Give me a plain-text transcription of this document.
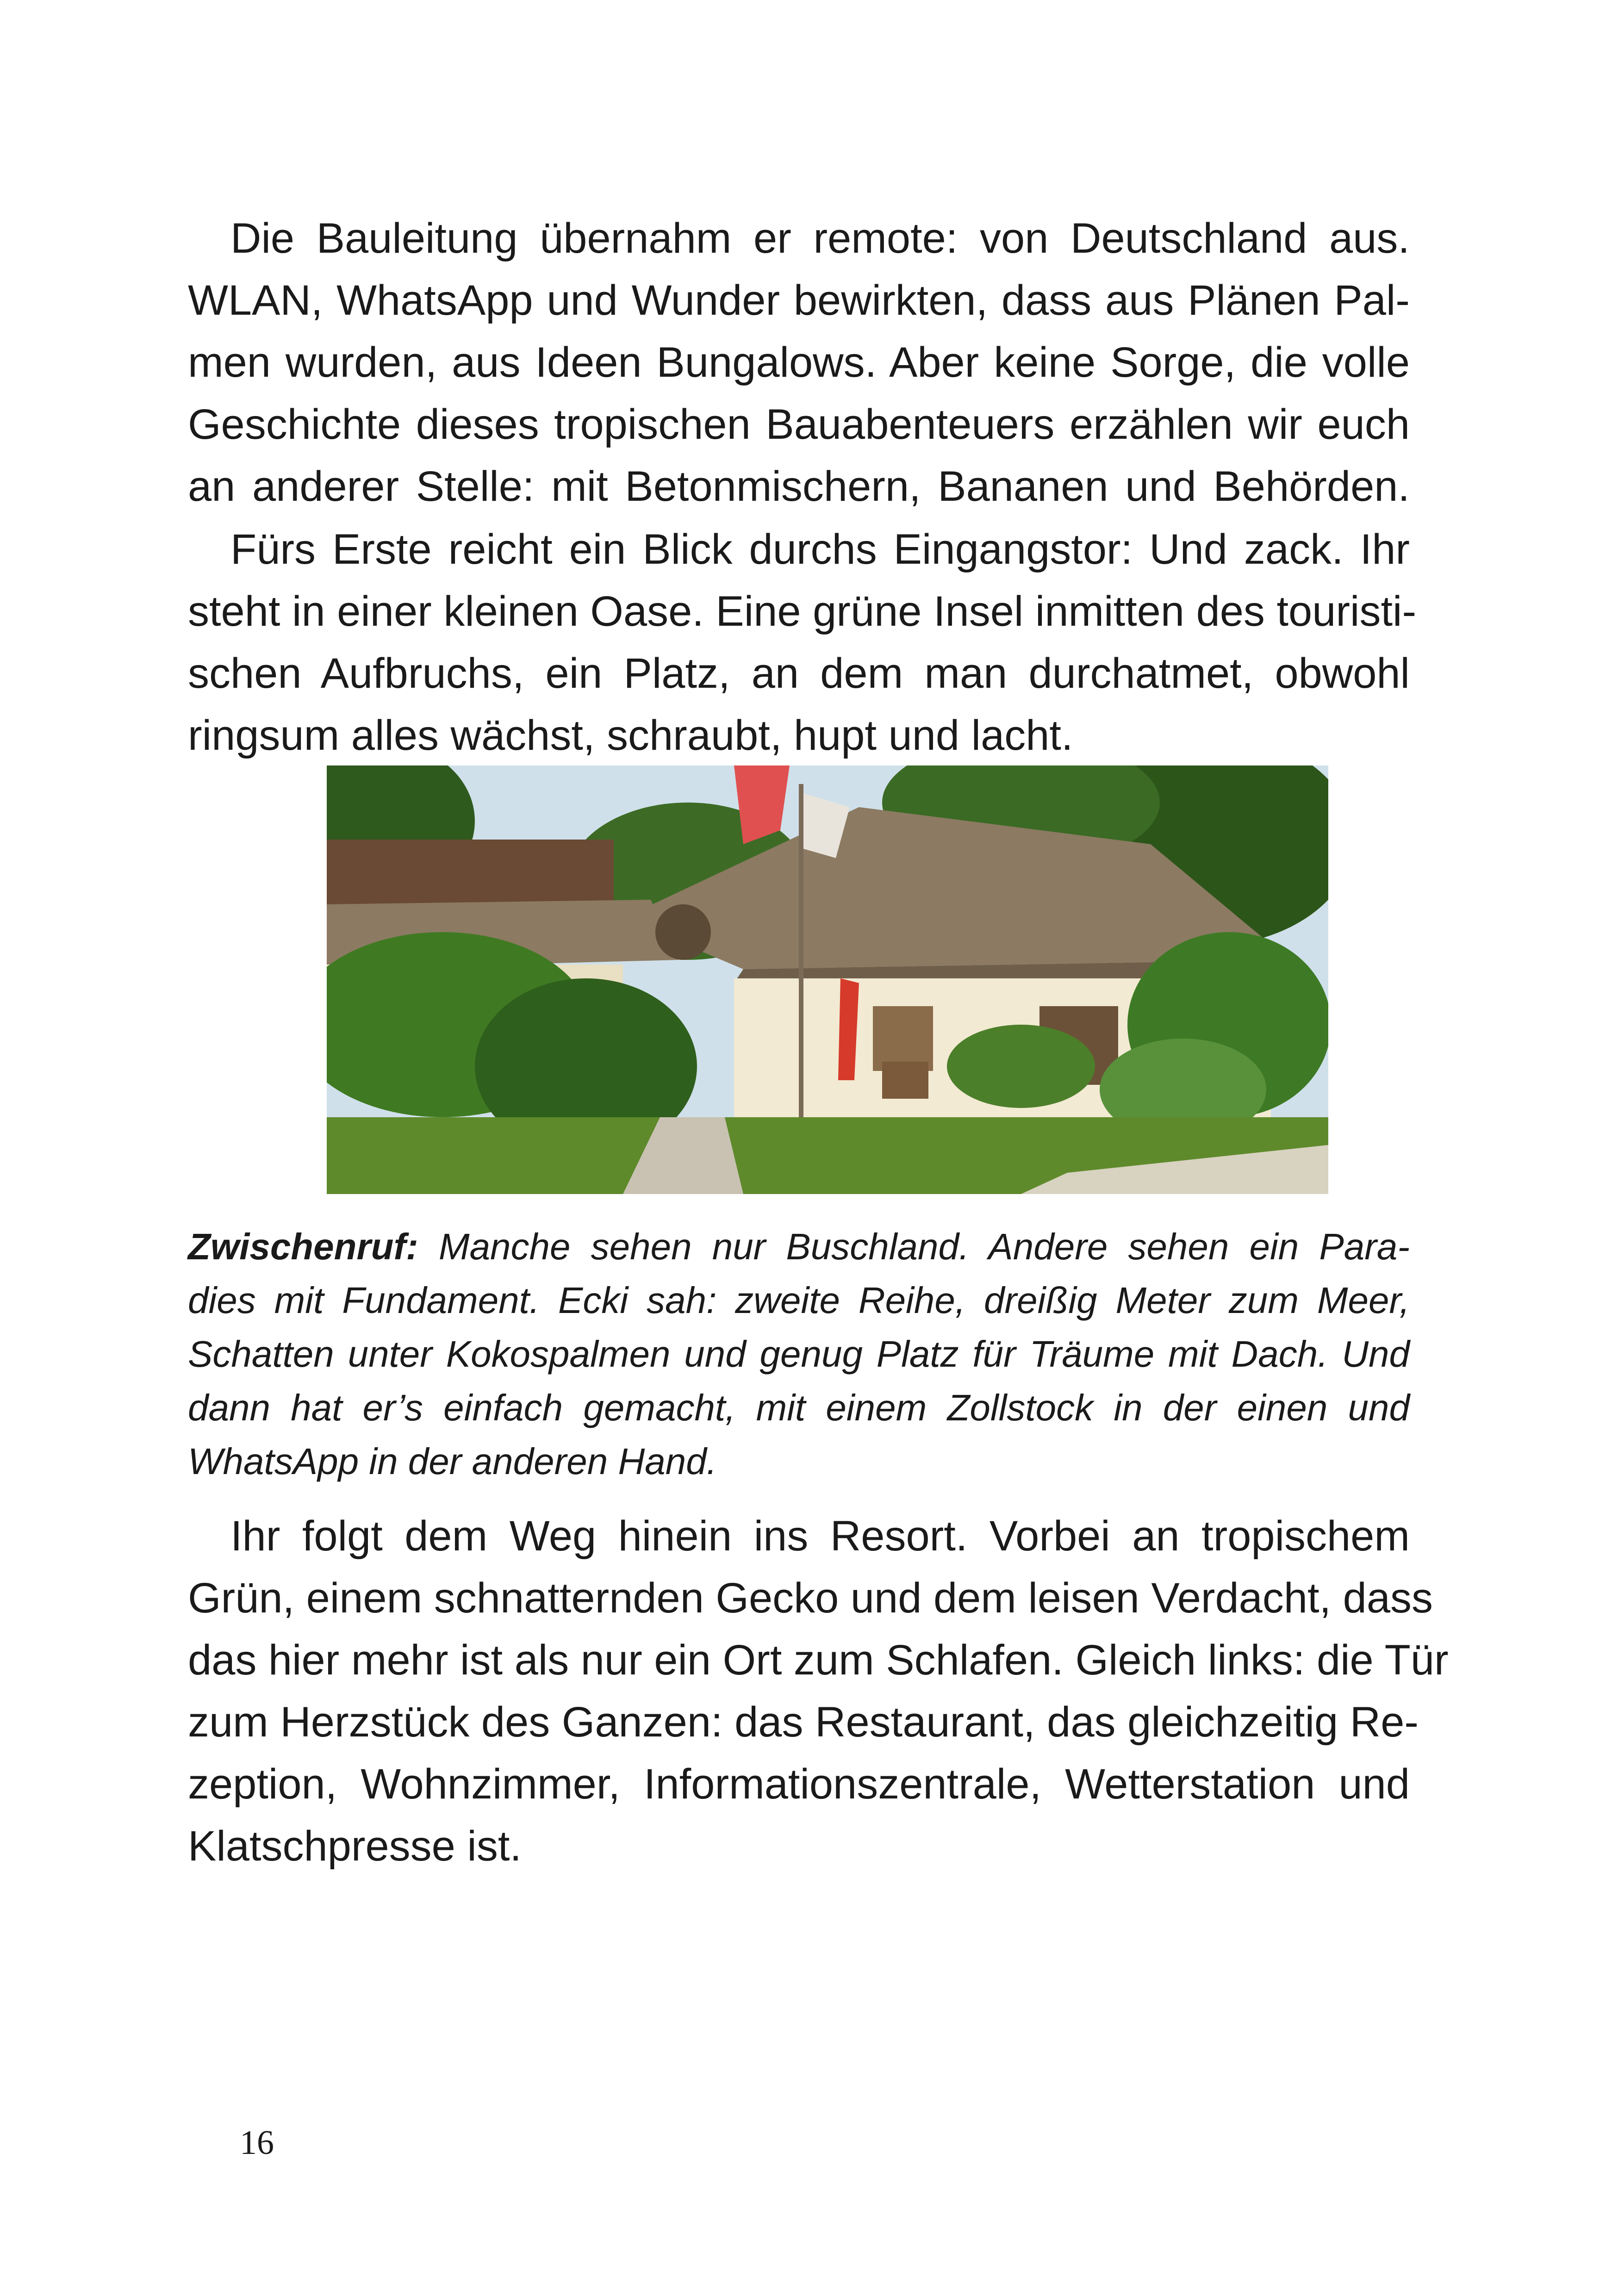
 Die Bauleitung übernahm er remote: von Deutschland aus.
WLAN, WhatsApp und Wunder bewirkten, dass aus Plänen Pal-
men wurden, aus Ideen Bungalows. Aber keine Sorge, die volle
Geschichte dieses tropischen Bauabenteuers erzählen wir euch
an anderer Stelle: mit Betonmischern, Bananen und Behörden.
 Fürs Erste reicht ein Blick durchs Eingangstor: Und zack. Ihr
steht in einer kleinen Oase. Eine grüne Insel inmitten des touristi-
schen Aufbruchs, ein Platz, an dem man durchatmet, obwohl
ringsum alles wächst, schraubt, hupt und lacht.
Zwischenruf: Manche sehen nur Buschland. Andere sehen ein Para-
dies mit Fundament. Ecki sah: zweite Reihe, dreißig Meter zum Meer,
Schatten unter Kokospalmen und genug Platz für Träume mit Dach. Und
dann hat er’s einfach gemacht, mit einem Zollstock in der einen und
WhatsApp in der anderen Hand.
 Ihr folgt dem Weg hinein ins Resort. Vorbei an tropischem
Grün, einem schnatternden Gecko und dem leisen Verdacht, dass
das hier mehr ist als nur ein Ort zum Schlafen. Gleich links: die Tür
zum Herzstück des Ganzen: das Restaurant, das gleichzeitig Re-
zeption, Wohnzimmer, Informationszentrale, Wetterstation und
Klatschpresse ist.
16
